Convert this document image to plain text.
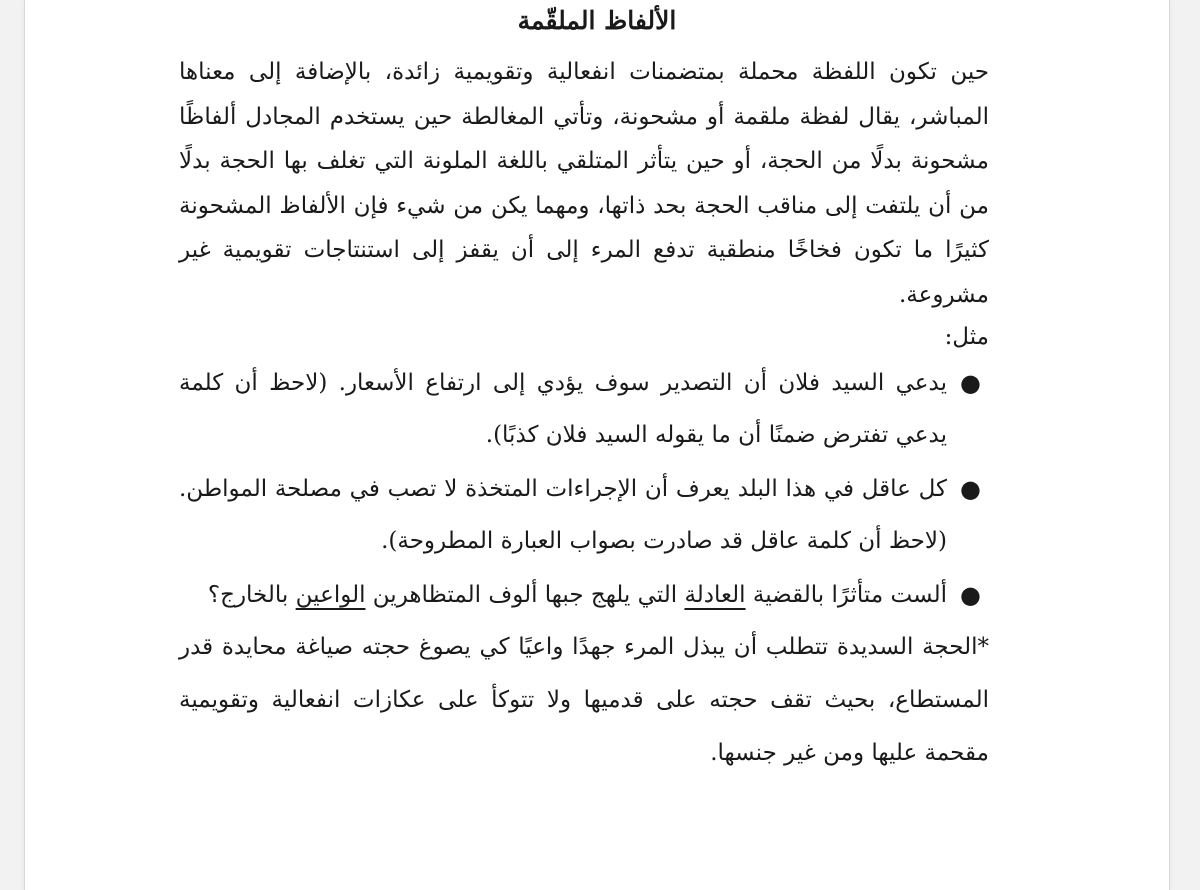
الألفاظ الملقّمة

حين تكون اللفظة محملة بمتضمنات انفعالية وتقويمية زائدة، بالإضافة إلى معناها المباشر، يقال لفظة ملقمة أو مشحونة، وتأتي المغالطة حين يستخدم المجادل ألفاظًا مشحونة بدلًا من الحجة، أو حين يتأثر المتلقي باللغة الملونة التي تغلف بها الحجة بدلًا من أن يلتفت إلى مناقب الحجة بحد ذاتها، ومهما يكن من شيء فإن الألفاظ المشحونة كثيرًا ما تكون فخاخًا منطقية تدفع المرء إلى أن يقفز إلى استنتاجات تقويمية غير مشروعة.

مثل:

●
يدعي السيد فلان أن التصدير سوف يؤدي إلى ارتفاع الأسعار. (لاحظ أن كلمة يدعي تفترض ضمنًا أن ما يقوله السيد فلان كذبًا).
●
كل عاقل في هذا البلد يعرف أن الإجراءات المتخذة لا تصب في مصلحة المواطن. (لاحظ أن كلمة عاقل قد صادرت بصواب العبارة المطروحة).
●
ألست متأثرًا بالقضية العادلة التي يلهج جبها ألوف المتظاهرين الواعين بالخارج؟

*الحجة السديدة تتطلب أن يبذل المرء جهدًا واعيًا كي يصوغ حجته صياغة محايدة قدر المستطاع، بحيث تقف حجته على قدميها ولا تتوكأ على عكازات انفعالية وتقويمية مقحمة عليها ومن غير جنسها.
